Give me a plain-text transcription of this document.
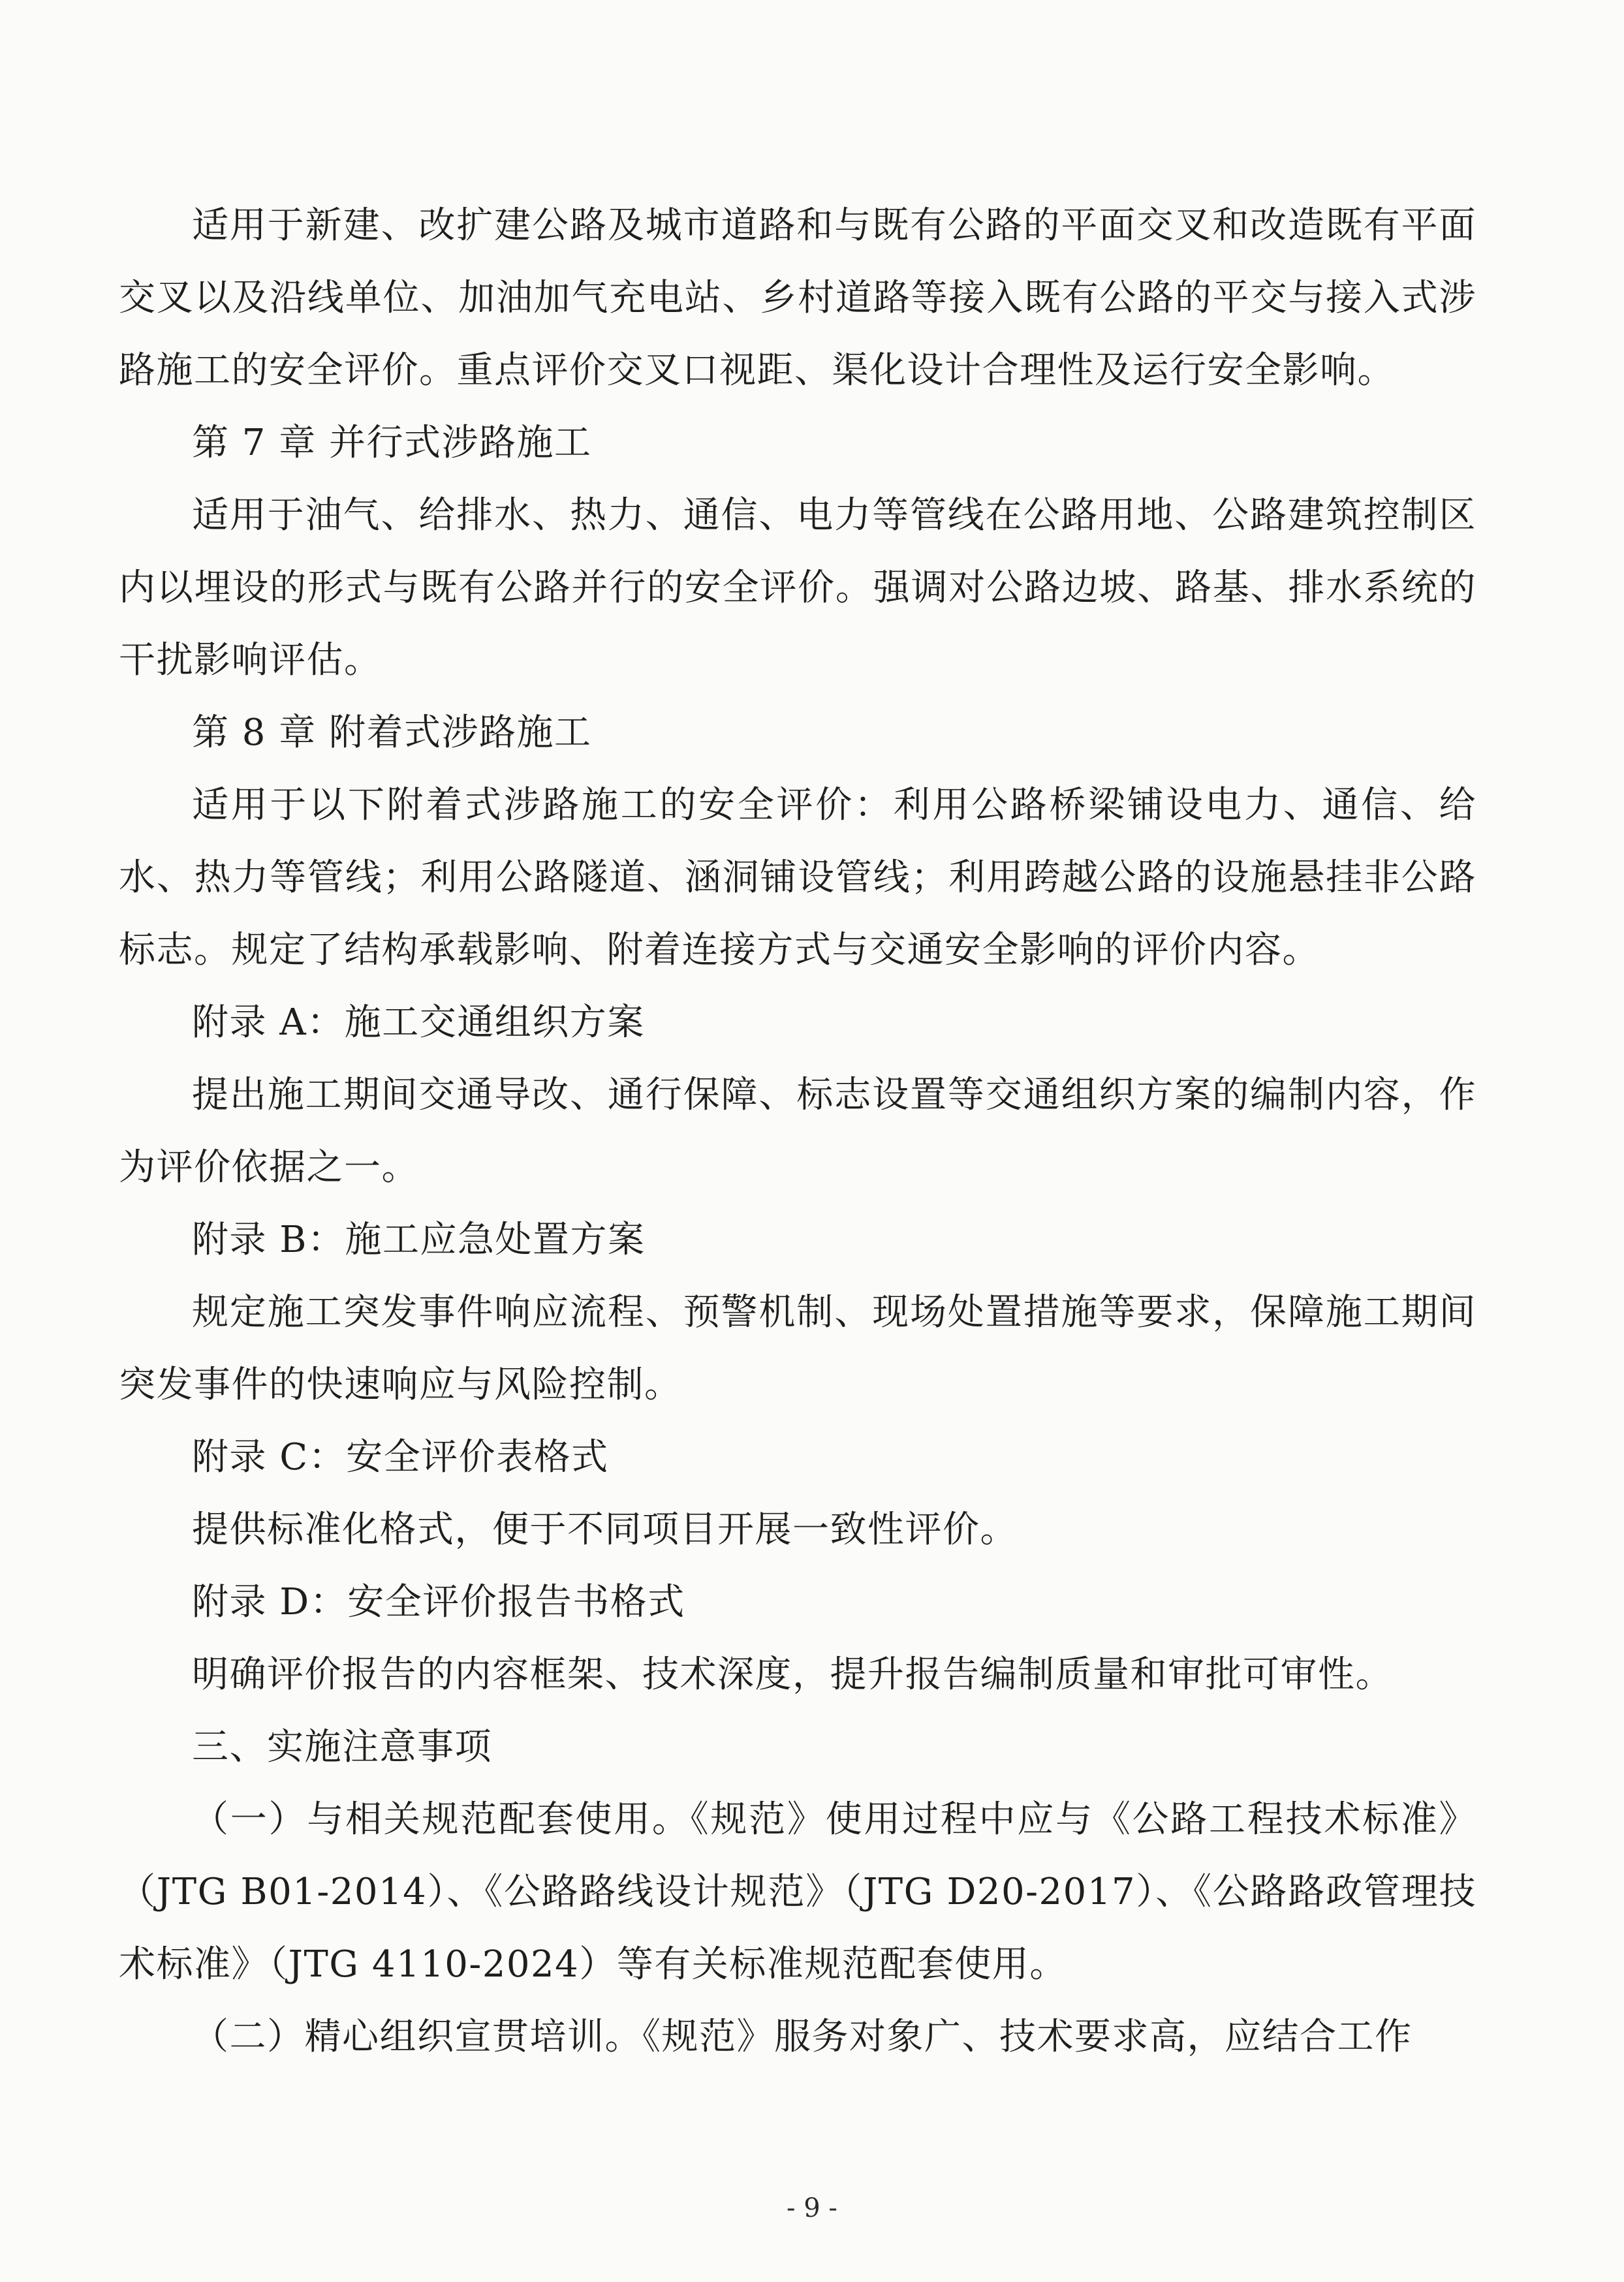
适用于新建、改扩建公路及城市道路和与既有公路的平面交叉和改造既有平面交叉以及沿线单位、加油加气充电站、乡村道路等接入既有公路的平交与接入式涉路施工的安全评价。重点评价交叉口视距、渠化设计合理性及运行安全影响。

第 7 章 并行式涉路施工

适用于油气、给排水、热力、通信、电力等管线在公路用地、公路建筑控制区内以埋设的形式与既有公路并行的安全评价。强调对公路边坡、路基、排水系统的干扰影响评估。

第 8 章 附着式涉路施工

适用于以下附着式涉路施工的安全评价：利用公路桥梁铺设电力、通信、给水、热力等管线；利用公路隧道、涵洞铺设管线；利用跨越公路的设施悬挂非公路标志。规定了结构承载影响、附着连接方式与交通安全影响的评价内容。

附录 A：施工交通组织方案

提出施工期间交通导改、通行保障、标志设置等交通组织方案的编制内容，作为评价依据之一。

附录 B：施工应急处置方案

规定施工突发事件响应流程、预警机制、现场处置措施等要求，保障施工期间突发事件的快速响应与风险控制。

附录 C：安全评价表格式

提供标准化格式，便于不同项目开展一致性评价。

附录 D：安全评价报告书格式

明确评价报告的内容框架、技术深度，提升报告编制质量和审批可审性。

三、实施注意事项

（一）与相关规范配套使用。《规范》使用过程中应与《公路工程技术标准》（JTG B01-2014）、《公路路线设计规范》（JTG D20-2017）、《公路路政管理技术标准》（JTG 4110-2024）等有关标准规范配套使用。

（二）精心组织宣贯培训。《规范》服务对象广、技术要求高，应结合工作

- 9 -
